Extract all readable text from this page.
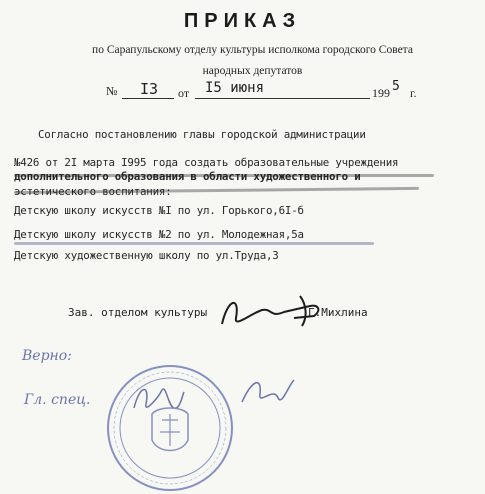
ПРИКАЗ
по Сарапульскому отделу культуры исполкома городского Совета
народных депутатов
№ I3 от I5 июня	199 5 г.
Согласно постановлению главы городской администрации
№426 от 2I марта I995 года создать образовательные учреждения
дополнительного образования в области художественного и
эстетического воспитания:
Детскую школу искусств №I по ул. Горького,6I-б
Детскую школу искусств №2 по ул. Молодежная,5а
Детскую художественную школу по ул.Труда,3
Зав. отделом культуры	Г.Михлина
Верно:
Гл. спец.
